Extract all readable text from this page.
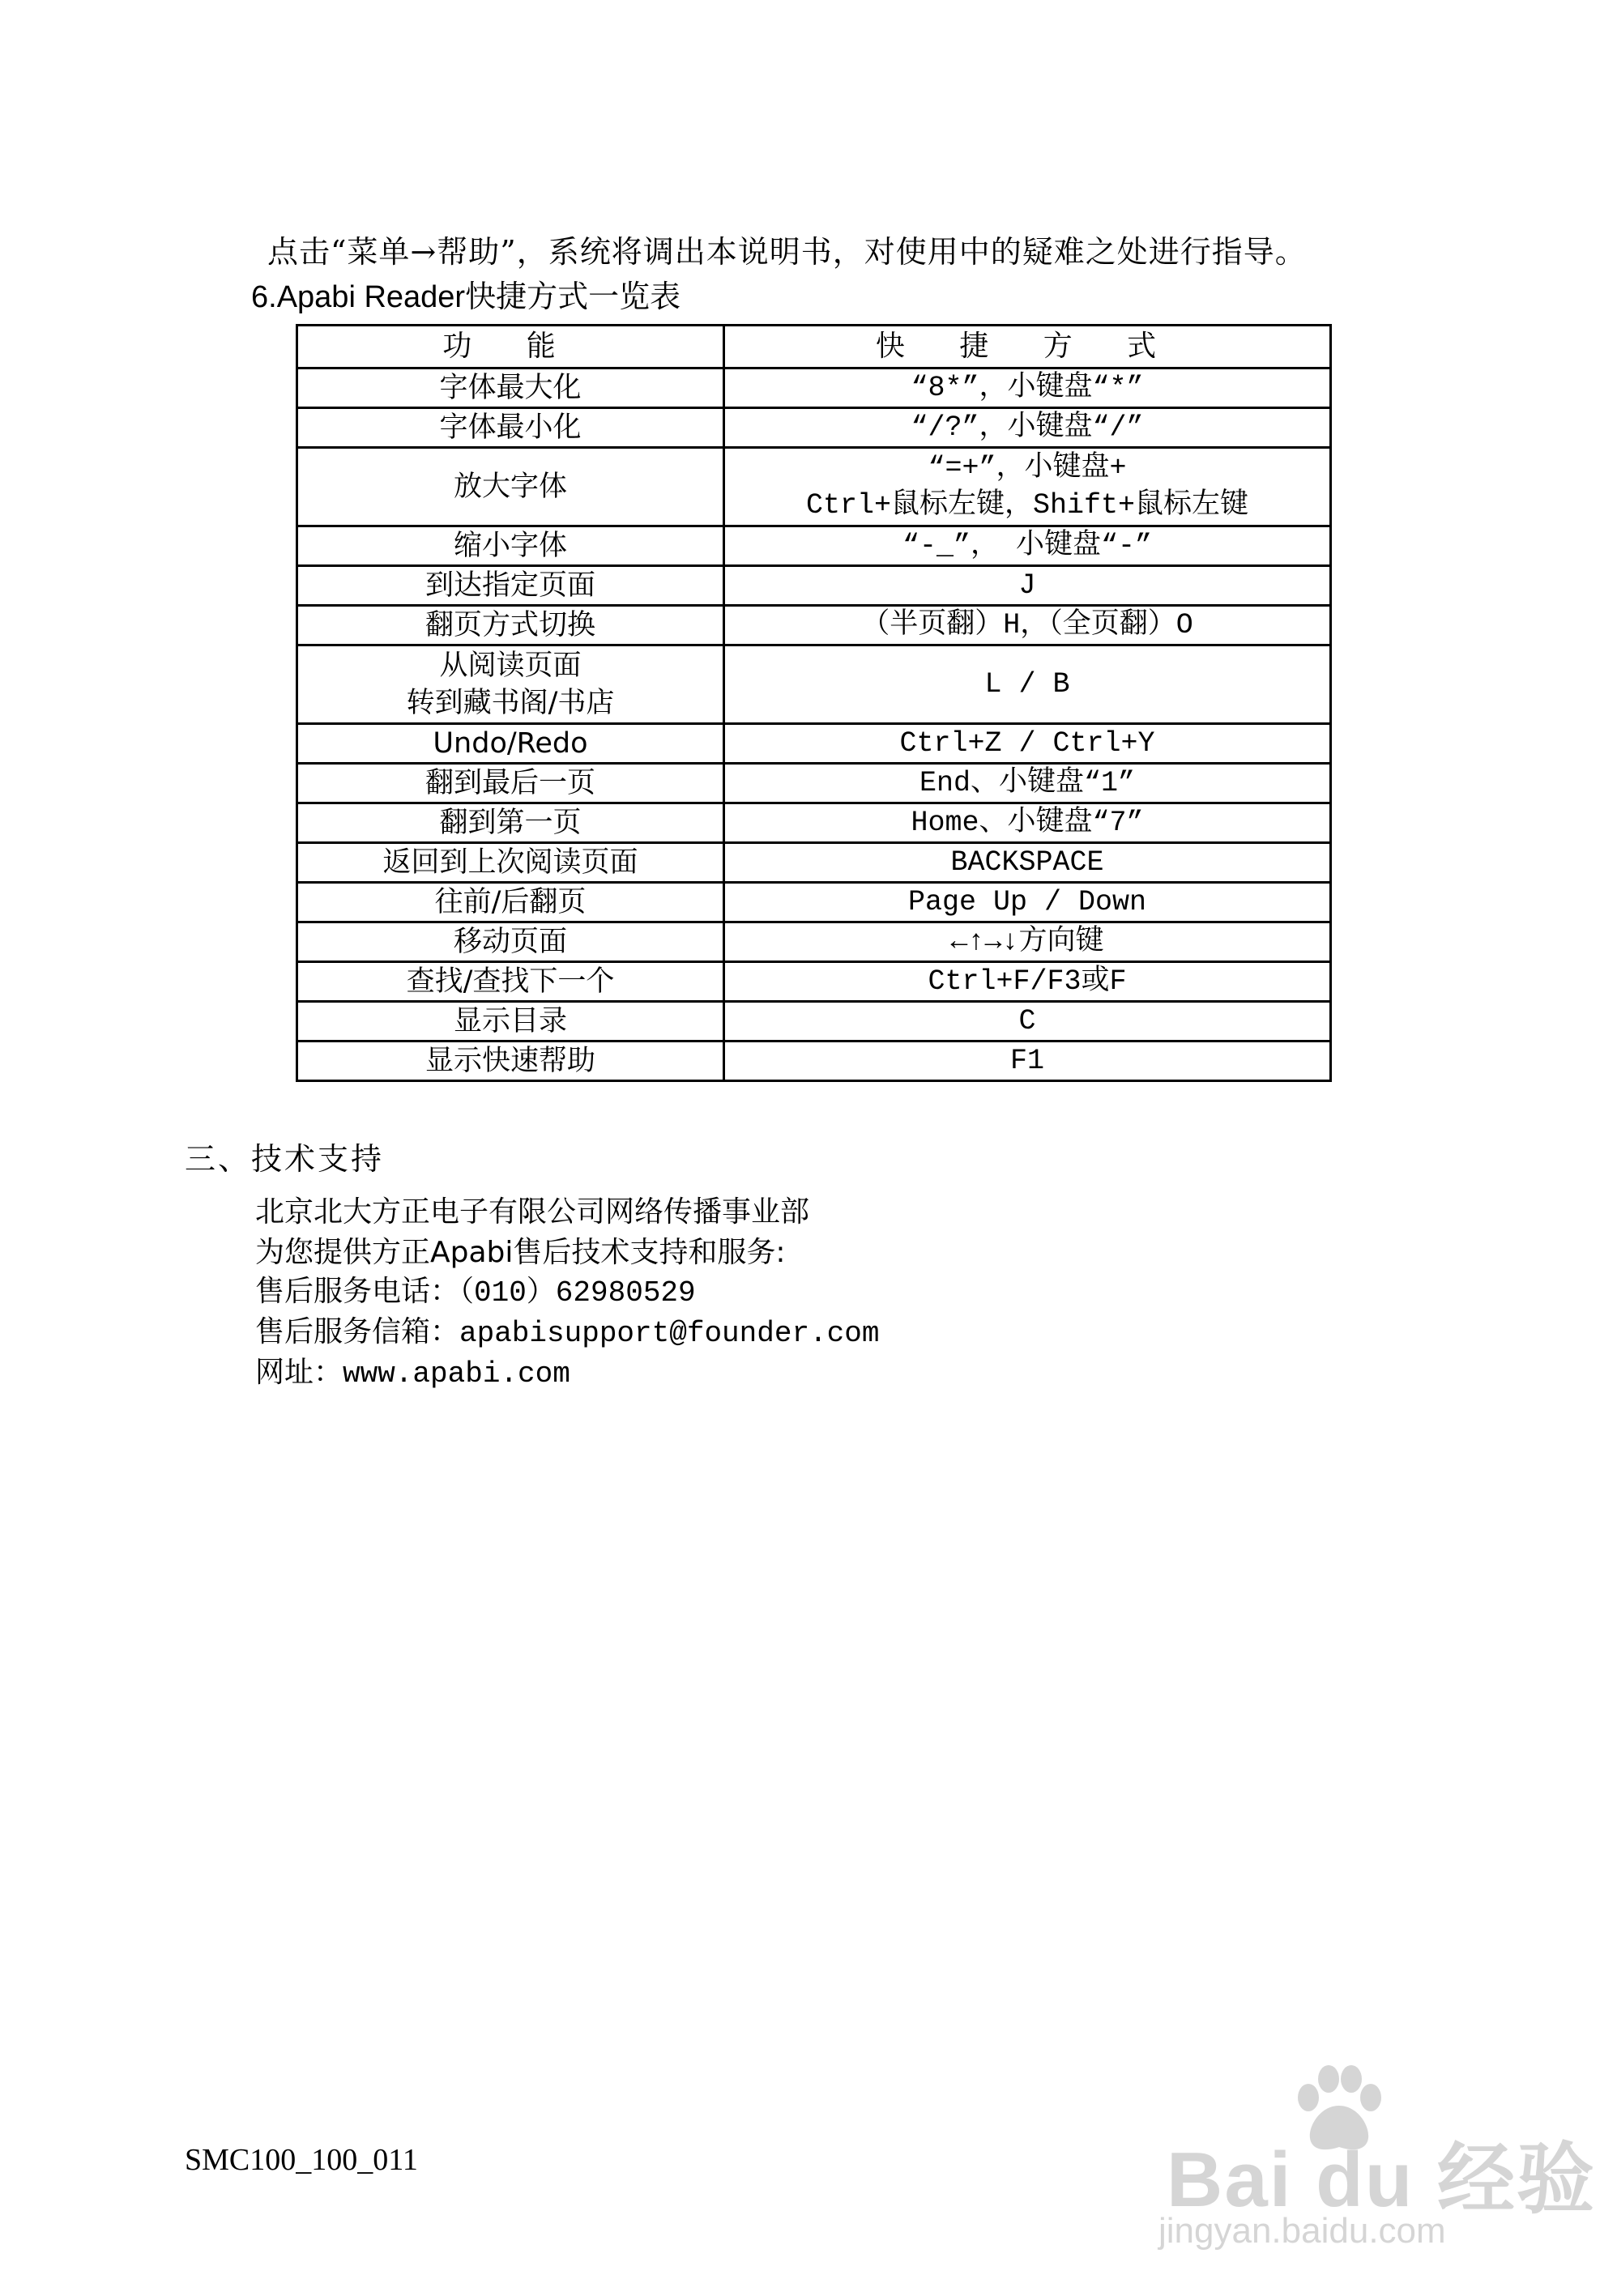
点击“菜单→帮助”，系统将调出本说明书，对使用中的疑难之处进行指导。
6.Apabi Reader快捷方式一览表
功 能	快 捷 方 式
字体最大化	“8*”，小键盘“*”
字体最小化	“/?”，小键盘“/”
放大字体	“=+”，小键盘+
Ctrl+鼠标左键，Shift+鼠标左键
缩小字体	“-_”， 小键盘“-”
到达指定页面	J
翻页方式切换	（半页翻）H，（全页翻）O
从阅读页面
转到藏书阁/书店	L / B
Undo/Redo	Ctrl+Z / Ctrl+Y
翻到最后一页	End、小键盘“1”
翻到第一页	Home、小键盘“7”
返回到上次阅读页面	BACKSPACE
往前/后翻页	Page Up / Down
移动页面	←↑→↓方向键
查找/查找下一个	Ctrl+F/F3或F
显示目录	C
显示快速帮助	F1
三、技术支持
北京北大方正电子有限公司网络传播事业部
为您提供方正Apabi售后技术支持和服务:
售后服务电话：（010）62980529
售后服务信箱：apabisupport@founder.com
网址：www.apabi.com
SMC100_100_011	Bai du 经验
jingyan.baidu.com
